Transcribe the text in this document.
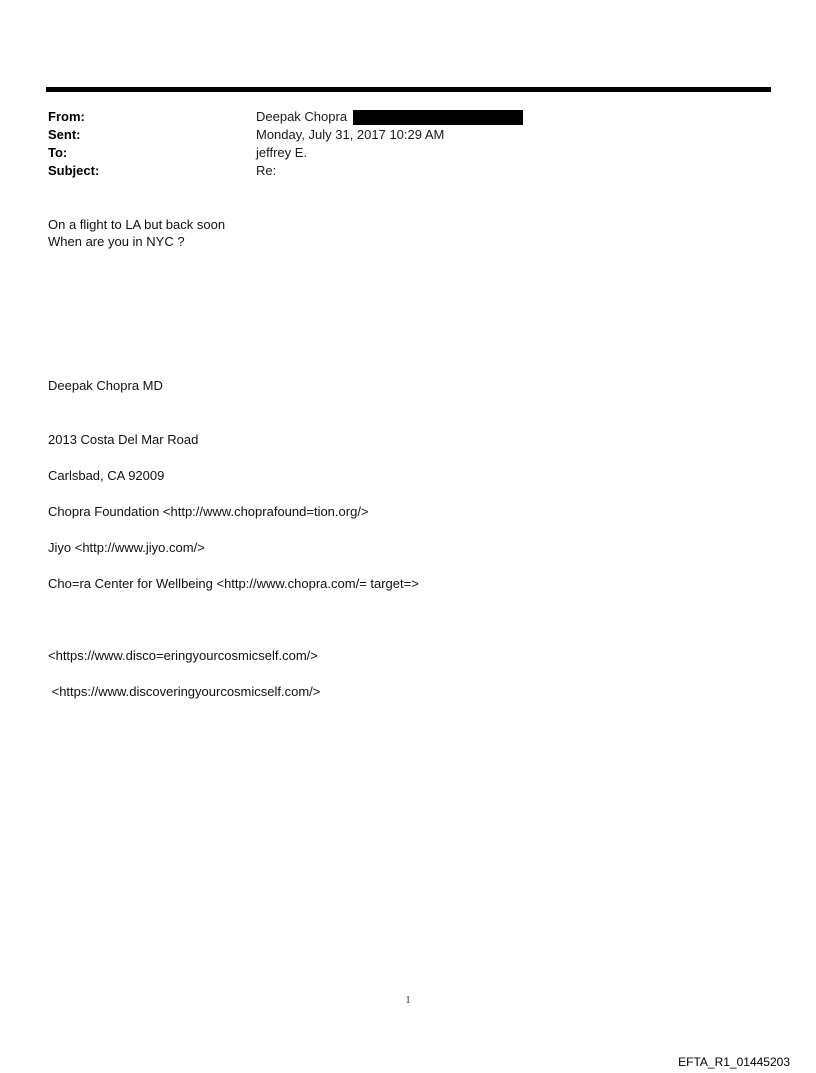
From:	Deepak Chopra
Sent:	Monday, July 31, 2017 10:29 AM
To:	jeffrey E.
Subject:	Re:
On a flight to LA but back soon
When are you in NYC ?
Deepak Chopra MD
2013 Costa Del Mar Road
Carlsbad, CA 92009
Chopra Foundation <http://www.choprafound=tion.org/>
Jiyo <http://www.jiyo.com/>
Cho=ra Center for Wellbeing <http://www.chopra.com/= target=>
<https://www.disco=eringyourcosmicself.com/>
<https://www.discoveringyourcosmicself.com/>
1
EFTA_R1_01445203
